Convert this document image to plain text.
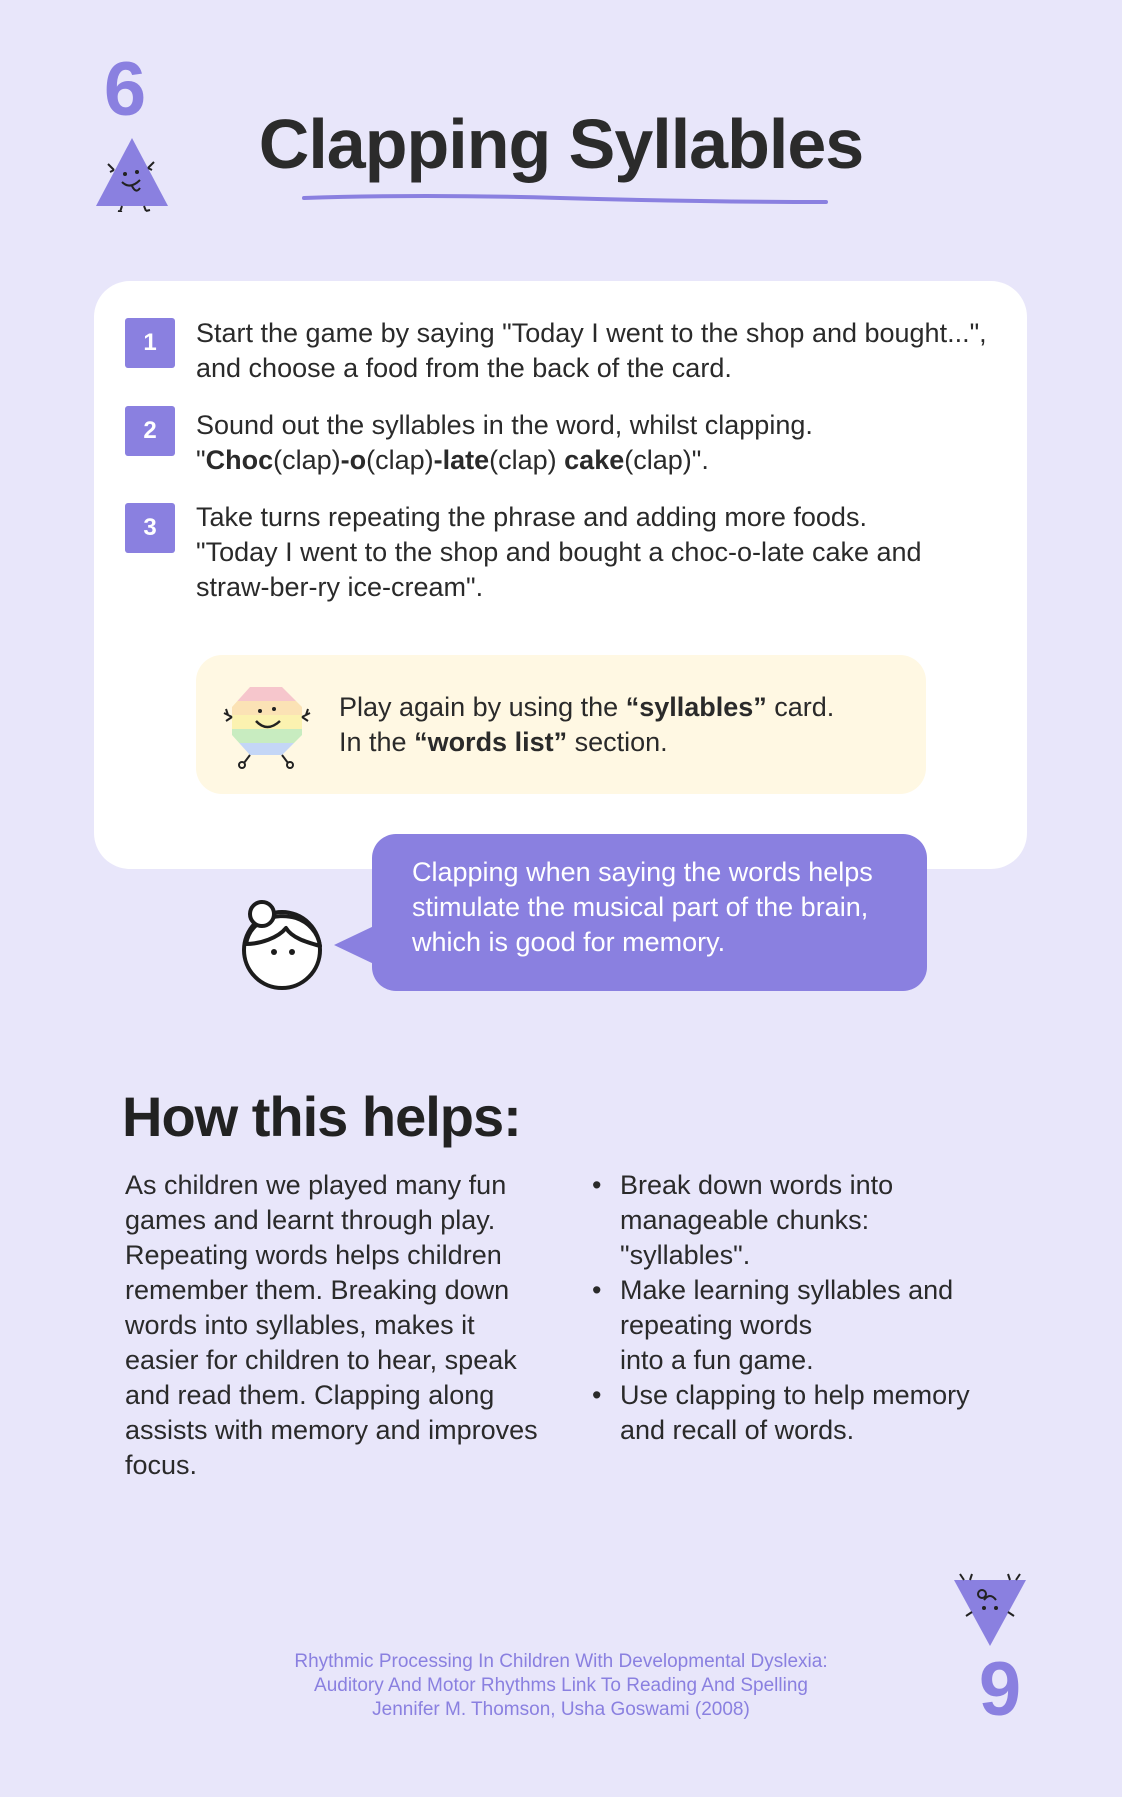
6
Clapping Syllables
1	Start the game by saying "Today I went to the shop and bought...",
and choose a food from the back of the card.
2	Sound out the syllables in the word, whilst clapping.
"Choc(clap)-o(clap)-late(clap) cake(clap)".
3	Take turns repeating the phrase and adding more foods.
"Today I went to the shop and bought a choc-o-late cake and
straw-ber-ry ice-cream".
Play again by using the “syllables” card.
In the “words list” section.
Clapping when saying the words helps stimulate the musical part of the brain, which is good for memory.
How this helps:
As children we played many fun games and learnt through play. Repeating words helps children remember them. Breaking down words into syllables, makes it easier for children to hear, speak and read them. Clapping along assists with memory and improves focus.
• Break down words into
manageable chunks:
"syllables".
• Make learning syllables and
repeating words
into a fun game.
• Use clapping to help memory
and recall of words.
Rhythmic Processing In Children With Developmental Dyslexia: Auditory And Motor Rhythms Link To Reading And Spelling Jennifer M. Thomson, Usha Goswami (2008)	9
